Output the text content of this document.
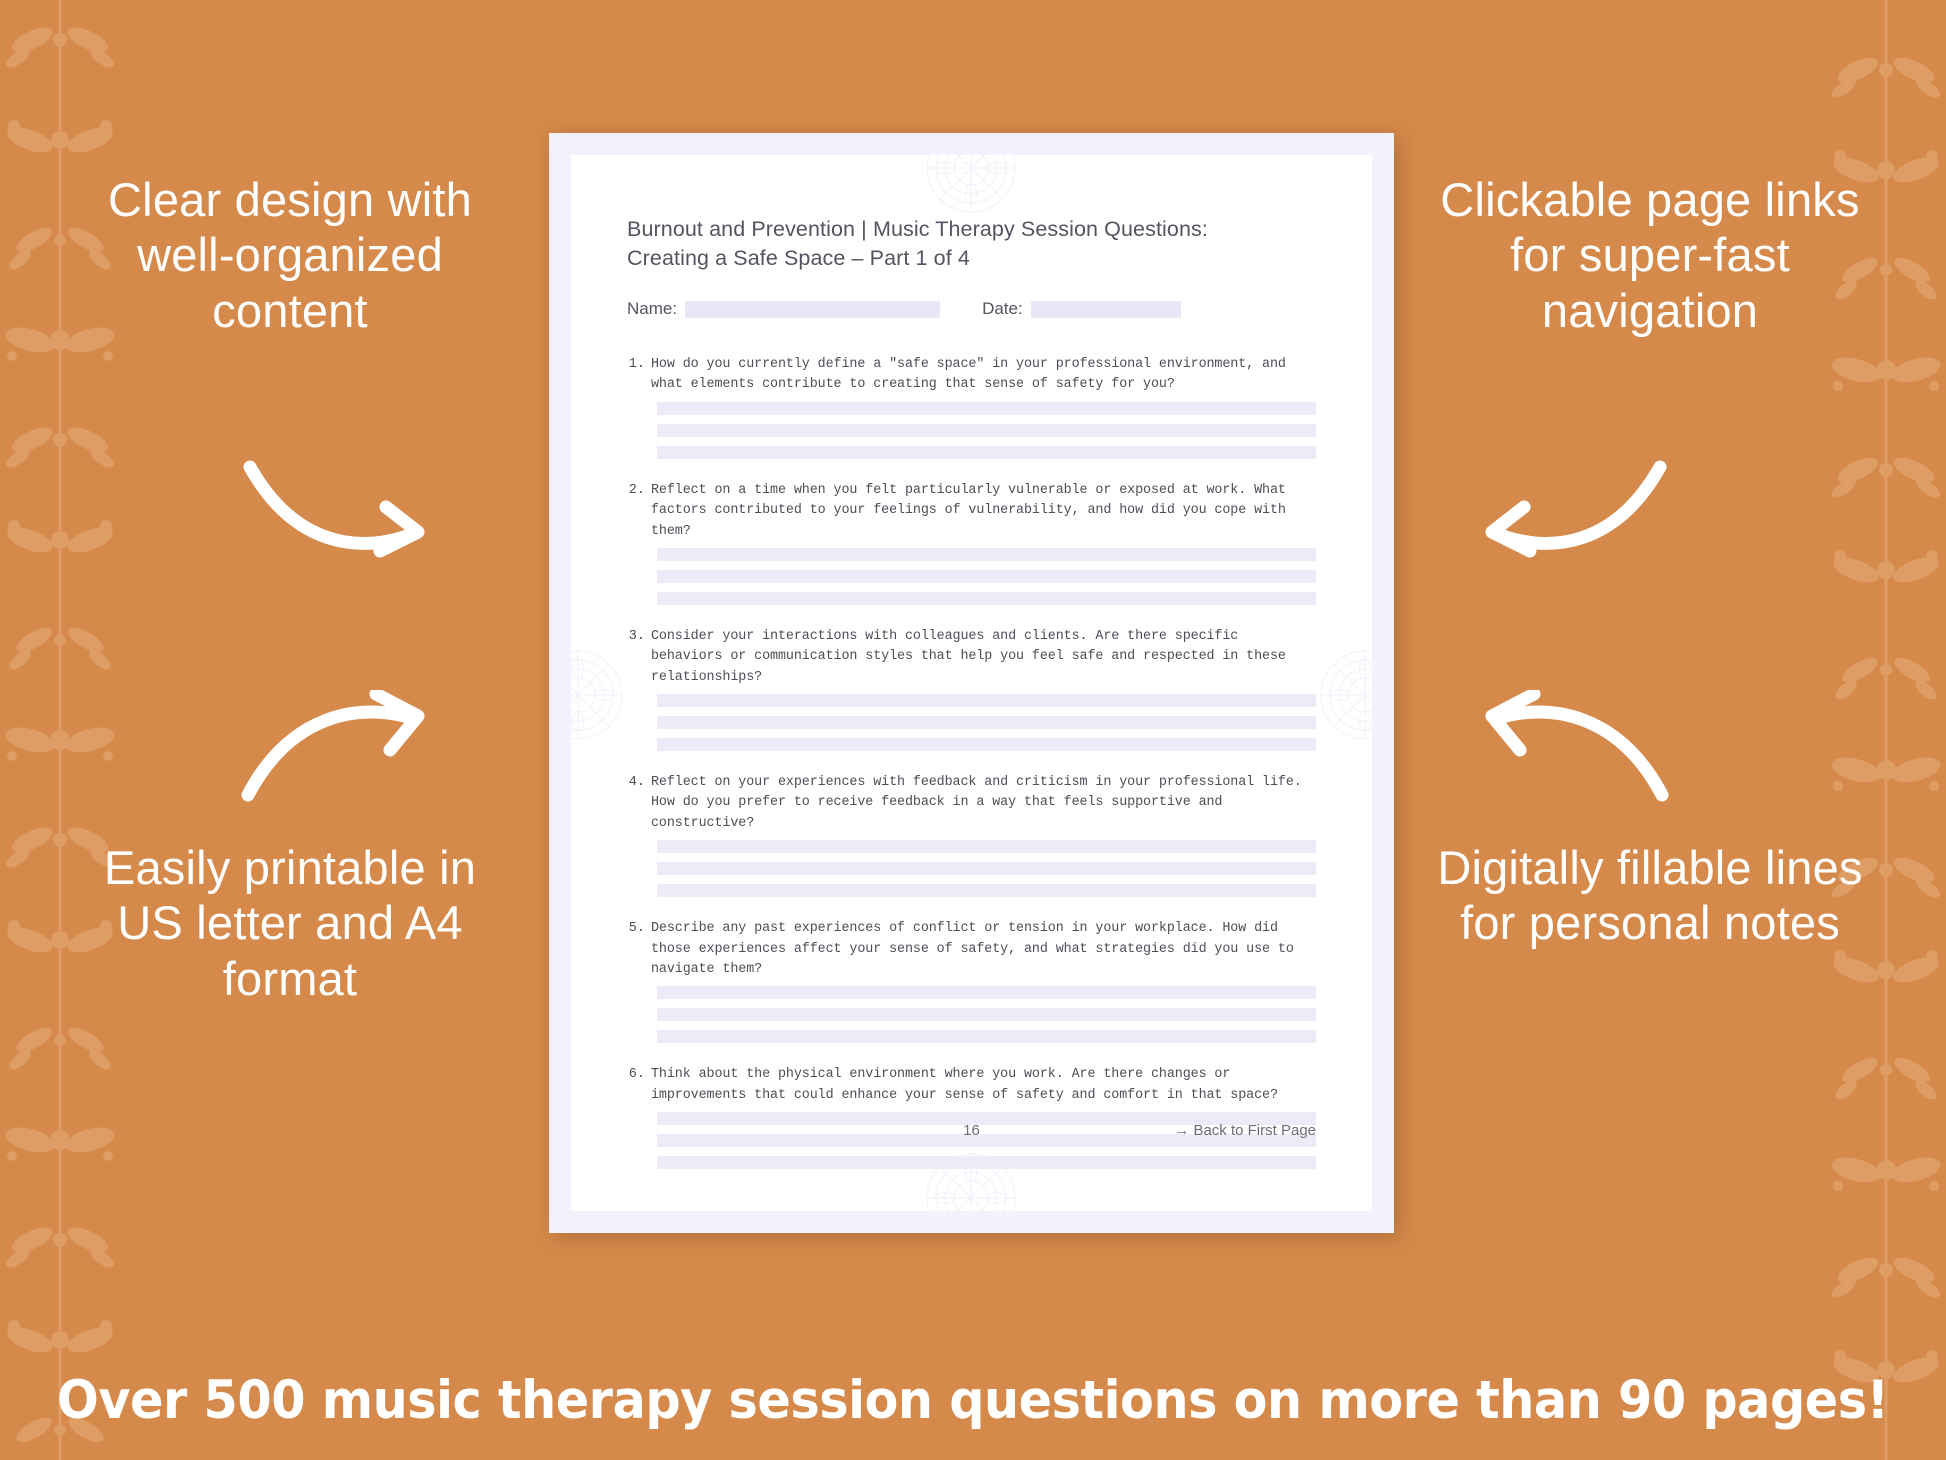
Clear design with well-organized content
Easily printable in US letter and A4 format
Clickable page links for super-fast navigation
Digitally fillable lines for personal notes
Burnout and Prevention | Music Therapy Session Questions:
Creating a Safe Space – Part 1 of 4
Name:	Date:
1. How do you currently define a "safe space" in your professional environment, and what elements contribute to creating that sense of safety for you?
2. Reflect on a time when you felt particularly vulnerable or exposed at work. What factors contributed to your feelings of vulnerability, and how did you cope with them?
3. Consider your interactions with colleagues and clients. Are there specific behaviors or communication styles that help you feel safe and respected in these relationships?
4. Reflect on your experiences with feedback and criticism in your professional life. How do you prefer to receive feedback in a way that feels supportive and constructive?
5. Describe any past experiences of conflict or tension in your workplace. How did those experiences affect your sense of safety, and what strategies did you use to navigate them?
6. Think about the physical environment where you work. Are there changes or improvements that could enhance your sense of safety and comfort in that space?
16	→ Back to First Page
Over 500 music therapy session questions on more than 90 pages!
